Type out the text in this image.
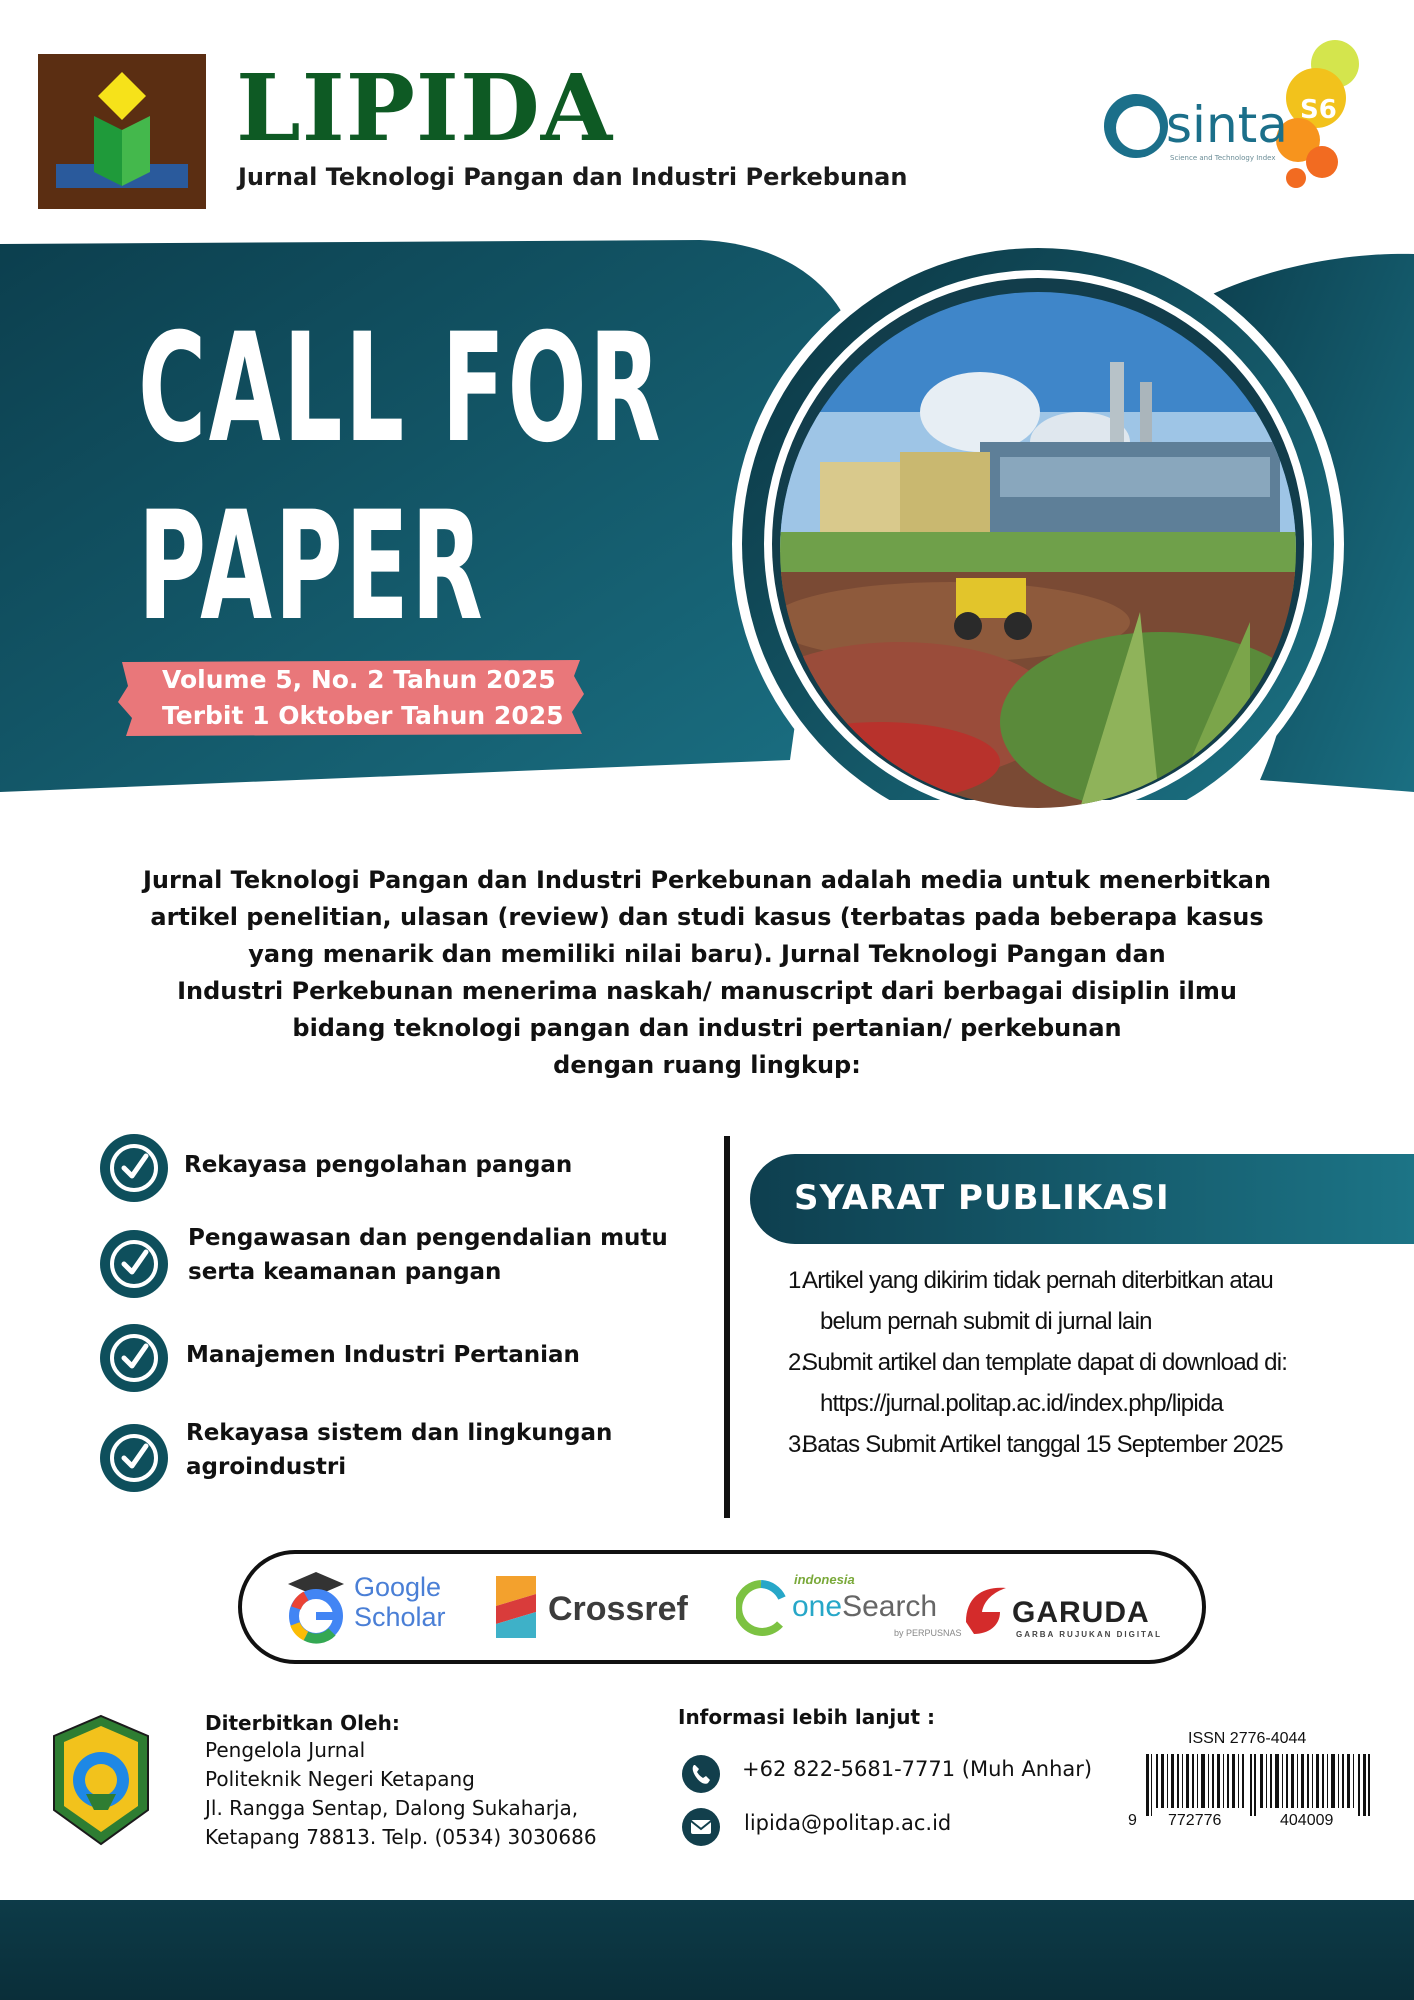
LIPIDA
Jurnal Teknologi Pangan dan Industri Perkebunan
sinta
Science and Technology Index
S6
CALL FOR
PAPER
Volume 5, No. 2 Tahun 2025
Terbit 1 Oktober Tahun 2025
Jurnal Teknologi Pangan dan Industri Perkebunan adalah media untuk menerbitkan
artikel penelitian, ulasan (review) dan studi kasus (terbatas pada beberapa kasus
yang menarik dan memiliki nilai baru). Jurnal Teknologi Pangan dan
Industri Perkebunan menerima naskah/ manuscript dari berbagai disiplin ilmu
bidang teknologi pangan dan industri pertanian/ perkebunan
dengan ruang lingkup:
Rekayasa pengolahan pangan
Pengawasan dan pengendalian mutu
serta keamanan pangan
Manajemen Industri Pertanian
Rekayasa sistem dan lingkungan
agroindustri
SYARAT PUBLIKASI
1.
Artikel yang dikirim tidak pernah diterbitkan atau
belum pernah submit di jurnal lain
2.
Submit artikel dan template dapat di download di:
https://jurnal.politap.ac.id/index.php/lipida
3.
Batas Submit Artikel tanggal 15 September 2025
Google
Scholar	Crossref
indonesia
oneSearch
by PERPUSNAS
GARUDA
GARBA RUJUKAN DIGITAL
Diterbitkan Oleh:
Pengelola Jurnal
Politeknik Negeri Ketapang
Jl. Rangga Sentap, Dalong Sukaharja,
Ketapang 78813. Telp. (0534) 3030686
Informasi lebih lanjut :
+62 822-5681-7771 (Muh Anhar)
lipida@politap.ac.id
ISSN 2776-4044
9 772776	404009
